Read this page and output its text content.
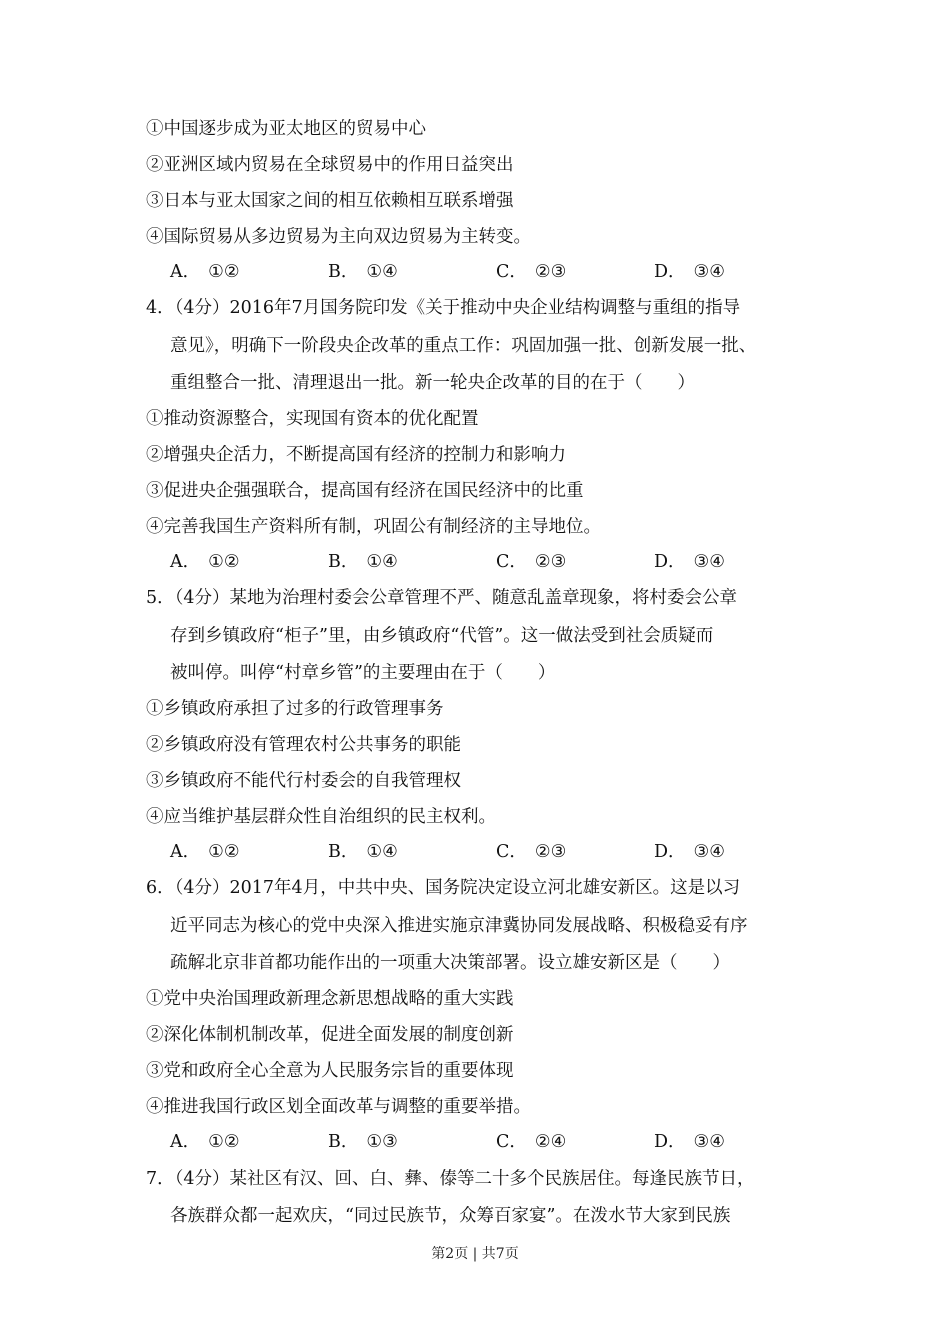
①中国逐步成为亚太地区的贸易中心
②亚洲区域内贸易在全球贸易中的作用日益突出
③日本与亚太国家之间的相互依赖相互联系增强
④国际贸易从多边贸易为主向双边贸易为主转变。
A． ①②	B． ①④	C． ②③	D． ③④
4．（4分）2016年7月国务院印发《关于推动中央企业结构调整与重组的指导
意见》，明确下一阶段央企改革的重点工作：巩固加强一批、创新发展一批、
重组整合一批、清理退出一批。新一轮央企改革的目的在于（　　）
①推动资源整合，实现国有资本的优化配置
②增强央企活力，不断提高国有经济的控制力和影响力
③促进央企强强联合，提高国有经济在国民经济中的比重
④完善我国生产资料所有制，巩固公有制经济的主导地位。
A． ①②	B． ①④	C． ②③	D． ③④
5．（4分）某地为治理村委会公章管理不严、随意乱盖章现象，将村委会公章
存到乡镇政府“柜子”里，由乡镇政府“代管”。这一做法受到社会质疑而
被叫停。叫停“村章乡管”的主要理由在于（　　）
①乡镇政府承担了过多的行政管理事务
②乡镇政府没有管理农村公共事务的职能
③乡镇政府不能代行村委会的自我管理权
④应当维护基层群众性自治组织的民主权利。
A． ①②	B． ①④	C． ②③	D． ③④
6．（4分）2017年4月，中共中央、国务院决定设立河北雄安新区。这是以习
近平同志为核心的党中央深入推进实施京津冀协同发展战略、积极稳妥有序
疏解北京非首都功能作出的一项重大决策部署。设立雄安新区是（　　）
①党中央治国理政新理念新思想战略的重大实践
②深化体制机制改革，促进全面发展的制度创新
③党和政府全心全意为人民服务宗旨的重要体现
④推进我国行政区划全面改革与调整的重要举措。
A． ①②	B． ①③	C． ②④	D． ③④
7．（4分）某社区有汉、回、白、彝、傣等二十多个民族居住。每逢民族节日，
各族群众都一起欢庆，“同过民族节，众筹百家宴”。在泼水节大家到民族
第2页 | 共7页
